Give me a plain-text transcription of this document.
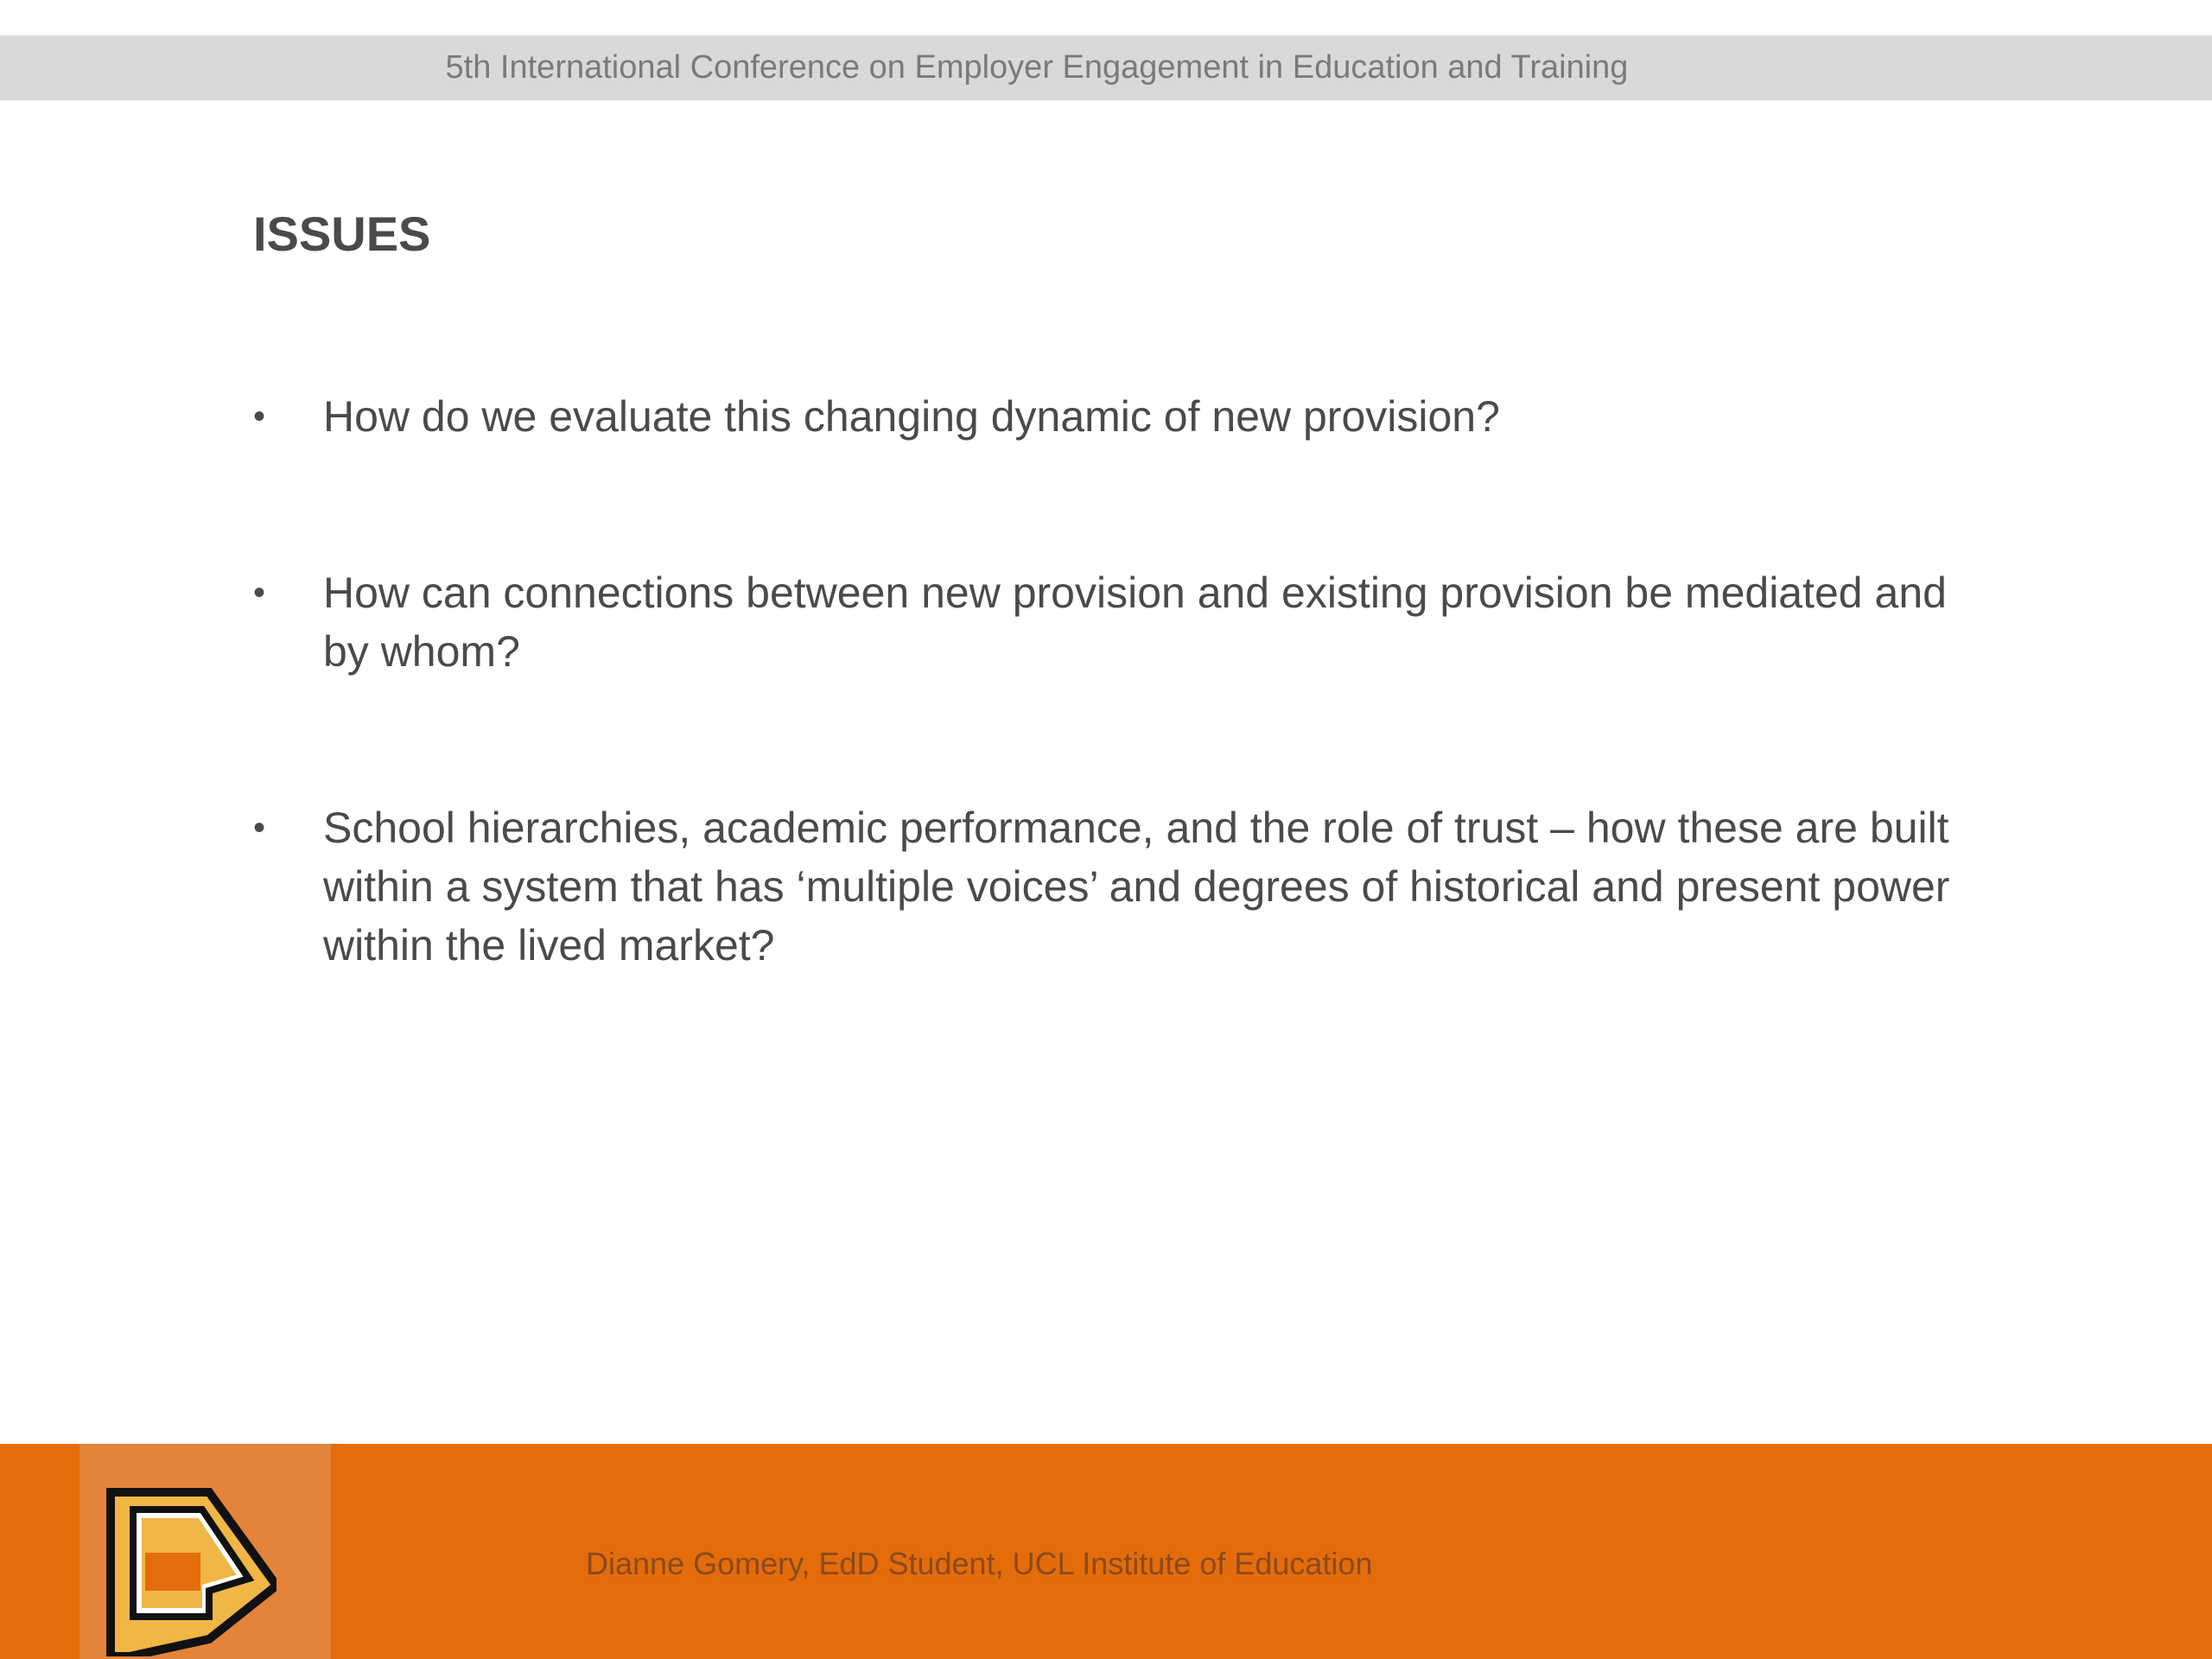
5th International Conference on Employer Engagement in Education and Training
ISSUES
• How do we evaluate this changing dynamic of new provision?
• How can connections between new provision and existing provision be mediated and by whom?
• School hierarchies, academic performance, and the role of trust – how these are built within a system that has ‘multiple voices’ and degrees of historical and present power within the lived market?
Dianne Gomery, EdD Student, UCL Institute of Education
